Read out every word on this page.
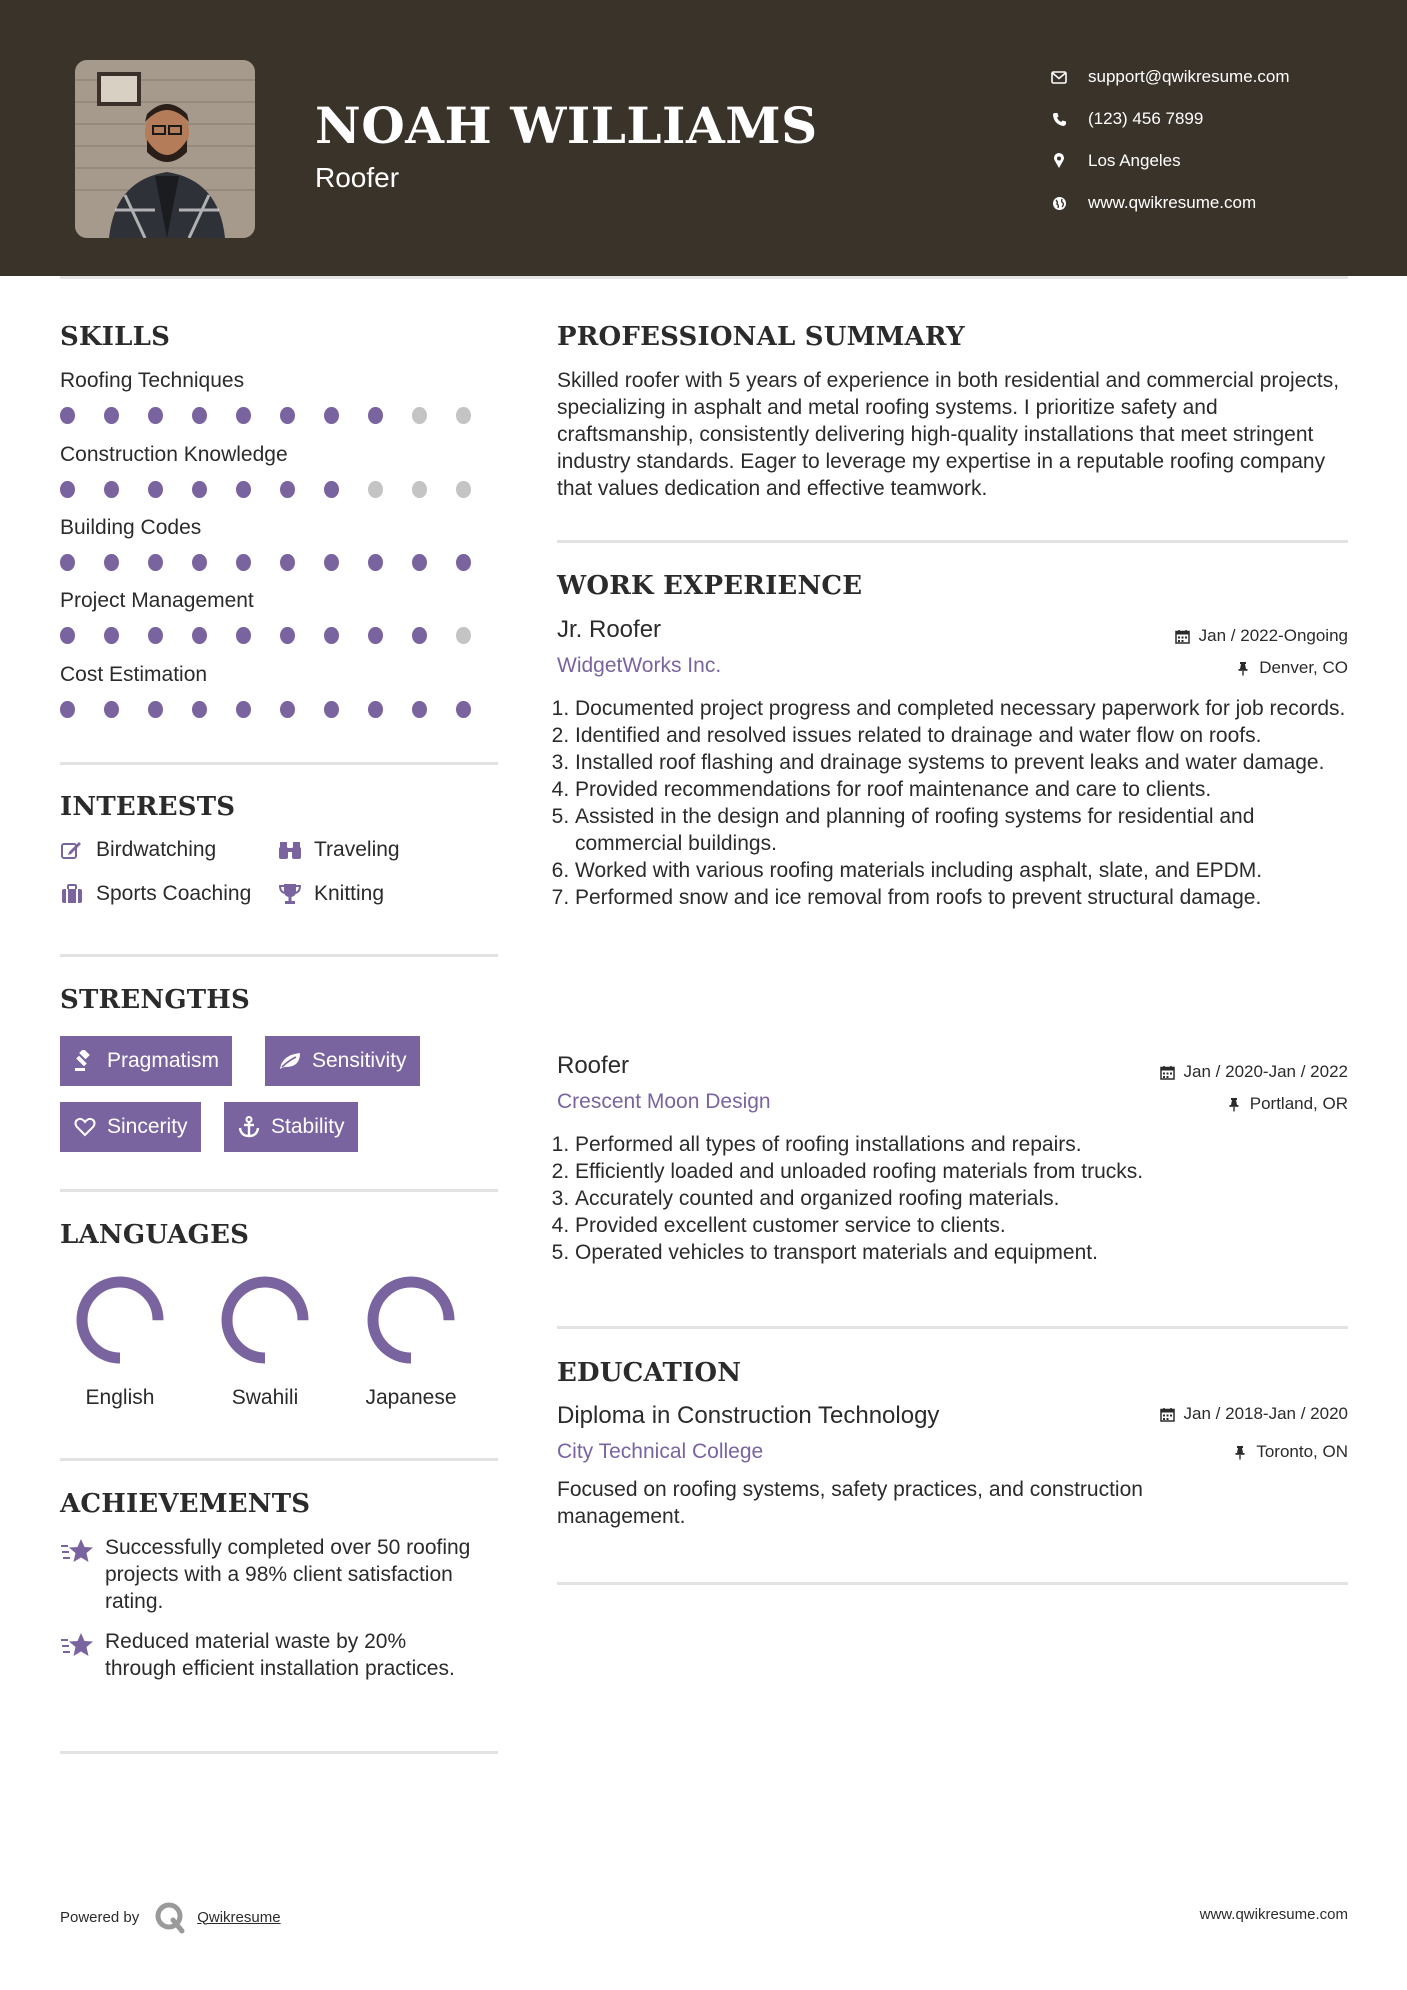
NOAH WILLIAMS
Roofer
support@qwikresume.com
(123) 456 7899
Los Angeles
www.qwikresume.com
SKILLS
Roofing Techniques
Construction Knowledge
Building Codes
Project Management
Cost Estimation
INTERESTS
Birdwatching	Traveling
Sports Coaching	Knitting
STRENGTHS
Pragmatism	Sensitivity
Sincerity	Stability
LANGUAGES
English	Swahili	Japanese
ACHIEVEMENTS
Successfully completed over 50 roofing projects with a 98% client satisfaction rating.
Reduced material waste by 20% through efficient installation practices.
PROFESSIONAL SUMMARY
Skilled roofer with 5 years of experience in both residential and commercial projects, specializing in asphalt and metal roofing systems. I prioritize safety and craftsmanship, consistently delivering high-quality installations that meet stringent industry standards. Eager to leverage my expertise in a reputable roofing company that values dedication and effective teamwork.
WORK EXPERIENCE
Jr. Roofer	Jan / 2022-Ongoing
WidgetWorks Inc.	Denver, CO
1. Documented project progress and completed necessary paperwork for job records.
2. Identified and resolved issues related to drainage and water flow on roofs.
3. Installed roof flashing and drainage systems to prevent leaks and water damage.
4. Provided recommendations for roof maintenance and care to clients.
5. Assisted in the design and planning of roofing systems for residential and commercial buildings.
6. Worked with various roofing materials including asphalt, slate, and EPDM.
7. Performed snow and ice removal from roofs to prevent structural damage.
Roofer	Jan / 2020-Jan / 2022
Crescent Moon Design	Portland, OR
1. Performed all types of roofing installations and repairs.
2. Efficiently loaded and unloaded roofing materials from trucks.
3. Accurately counted and organized roofing materials.
4. Provided excellent customer service to clients.
5. Operated vehicles to transport materials and equipment.
EDUCATION
Diploma in Construction Technology	Jan / 2018-Jan / 2020
City Technical College	Toronto, ON
Focused on roofing systems, safety practices, and construction management.
Powered by	Qwikresume	www.qwikresume.com
